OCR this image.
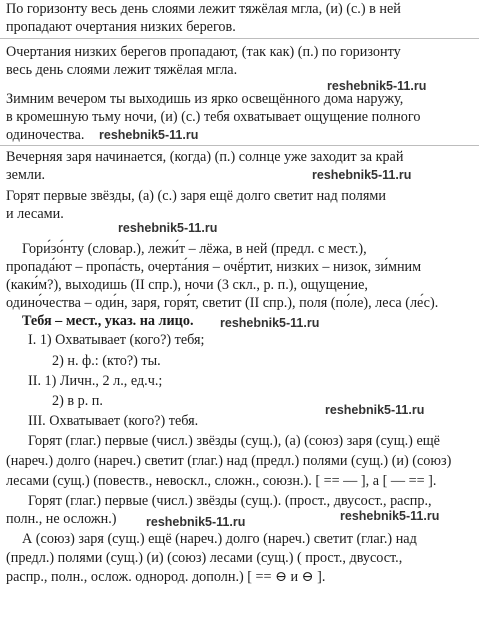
По горизонту весь день слоями лежит тяжёлая мгла, (и) (с.) в ней
пропадают очертания низких берегов.
Очертания низких берегов пропадают, (так как) (п.) по горизонту
весь день слоями лежит тяжёлая мгла.
reshebnik5-11.ru
Зимним вечером ты выходишь из ярко освещённого дома наружу,
в кромешную тьму ночи, (и) (с.) тебя охватывает ощущение полного
одиночества. reshebnik5-11.ru
Вечерняя заря начинается, (когда) (п.) солнце уже заходит за край
земли.	reshebnik5-11.ru
Горят первые звёзды, (а) (с.) заря ещё долго светит над полями
и лесами.
reshebnik5-11.ru
Гори́зо́нту (словар.), лежи́т – лёжа, в ней (предл. с мест.),
пропада́ют – пропа́сть, очерта́ния – очё́ртит, низких – низок, зи́мним
(каки́м?), выходишь (II спр.), ночи (3 скл., р. п.), ощущение,
одино́чества – оди́н, заря, горя́т, светит (II спр.), поля (по́ле), леса (ле́с).
Тебя – мест., указ. на лицо. reshebnik5-11.ru
I. 1) Охватывает (кого?) тебя;
2) н. ф.: (кто?) ты.
II. 1) Личн., 2 л., ед.ч.;
2) в р. п.
reshebnik5-11.ru
III. Охватывает (кого?) тебя.
Горят (глаг.) первые (числ.) звёзды (сущ.), (а) (союз) заря (сущ.) ещё
(нареч.) долго (нареч.) светит (глаг.) над (предл.) полями (сущ.) (и) (союз)
лесами (сущ.) (повеств., невоскл., сложн., союзн.). [ == — ], а [ — == ].
Горят (глаг.) первые (числ.) звёзды (сущ.). (прост., двусост., распр.,
полн., не осложн.)	reshebnik5-11.ru
reshebnik5-11.ru
А (союз) заря (сущ.) ещё (нареч.) долго (нареч.) светит (глаг.) над
(предл.) полями (сущ.) (и) (союз) лесами (сущ.) ( прост., двусост.,
распр., полн., ослож. однород. дополн.) [ == ⊖ и ⊖ ].
